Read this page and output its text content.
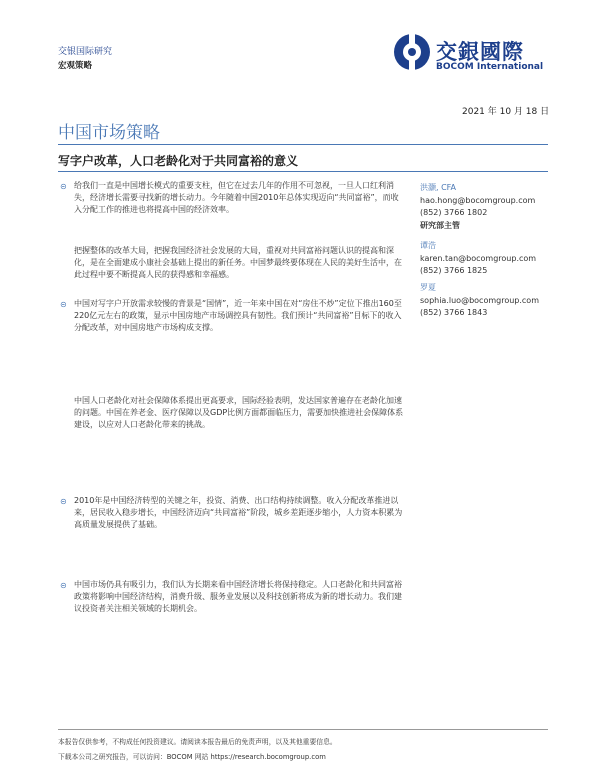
交银国际研究
宏观策略
交銀國際
BOCOM International
2021 年 10 月 18 日
中国市场策略
写字户改革，人口老龄化对于共同富裕的意义
⊝ 给我们一直是中国增长模式的重要支柱，但它在过去几年的作用不可忽视，一旦人口红利消失，经济增长需要寻找新的增长动力。今年随着中国2010年总体实现迈向“共同富裕”，而收入分配工作的推进也将提高中国的经济效率。
把握整体的改革大局，把握我国经济社会发展的大局，重视对共同富裕问题认识的提高和深化，是在全面建成小康社会基础上提出的新任务。中国梦最终要体现在人民的美好生活中，在此过程中要不断提高人民的获得感和幸福感。
⊝ 中国对写字户开放需求较慢的背景是“国情”，近一年来中国在对“房住不炒”定位下推出160至220亿元左右的政策，显示中国房地产市场调控具有韧性。我们预计“共同富裕”目标下的收入分配改革，对中国房地产市场构成支撑。
中国人口老龄化对社会保障体系提出更高要求，国际经验表明，发达国家普遍存在老龄化加速的问题。中国在养老金、医疗保障以及GDP比例方面都面临压力，需要加快推进社会保障体系建设，以应对人口老龄化带来的挑战。
⊝ 2010年是中国经济转型的关键之年，投资、消费、出口结构持续调整。收入分配改革推进以来，居民收入稳步增长，中国经济迈向“共同富裕”阶段，城乡差距逐步缩小，人力资本积累为高质量发展提供了基础。
⊝ 中国市场仍具有吸引力，我们认为长期来看中国经济增长将保持稳定。人口老龄化和共同富裕政策将影响中国经济结构，消费升级、服务业发展以及科技创新将成为新的增长动力。我们建议投资者关注相关领域的长期机会。
洪灏, CFA
hao.hong@bocomgroup.com
(852) 3766 1802
研究部主管
谭浩
karen.tan@bocomgroup.com
(852) 3766 1825
罗夏
sophia.luo@bocomgroup.com
(852) 3766 1843
本报告仅供参考，不构成任何投资建议。请阅读本报告最后的免责声明，以及其他重要信息。
下载本公司之研究报告，可以访问：BOCOM 网站 https://research.bocomgroup.com
